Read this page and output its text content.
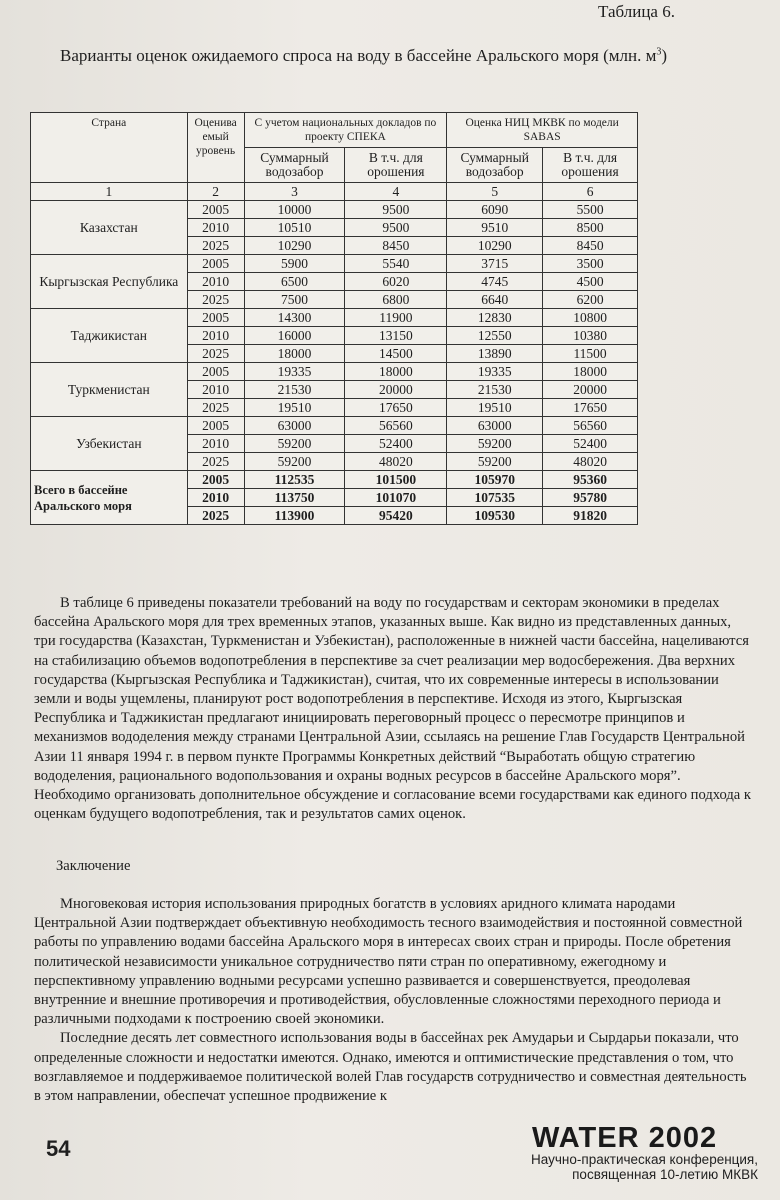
Таблица 6.
Варианты оценок ожидаемого спроса на воду в бассейне Аральского моря (млн. $м^3$)
Страна	Оценива емый уровень	С учетом национальных докладов по проекту СПЕКА		Оценка НИЦ МКВК по модели SABAS	
		Суммарный водозабор	В т.ч. для орошения	Суммарный водозабор	В т.ч. для орошения
1	2	3	4	5	6
Казахстан	2005	10000	9500	6090	5500
	2010	10510	9500	9510	8500
	2025	10290	8450	10290	8450
Кыргызская Республика	2005	5900	5540	3715	3500
	2010	6500	6020	4745	4500
	2025	7500	6800	6640	6200
Таджикистан	2005	14300	11900	12830	10800
	2010	16000	13150	12550	10380
	2025	18000	14500	13890	11500
Туркменистан	2005	19335	18000	19335	18000
	2010	21530	20000	21530	20000
	2025	19510	17650	19510	17650
Узбекистан	2005	63000	56560	63000	56560
	2010	59200	52400	59200	52400
	2025	59200	48020	59200	48020
Всего в бассейне Аральского моря	2005	112535	101500	105970	95360
	2010	113750	101070	107535	95780
	2025	113900	95420	109530	91820

В таблице 6 приведены показатели требований на воду по государствам и секторам экономики в пределах бассейна Аральского моря для трех временных этапов, указанных выше. Как видно из представленных данных, три государства (Казахстан, Туркменистан и Узбекистан), расположенные в нижней части бассейна, нацеливаются на стабилизацию объемов водопотребления в перспективе за счет реализации мер водосбережения. Два верхних государства (Кыргызская Республика и Таджикистан), считая, что их современные интересы в использовании земли и воды ущемлены, планируют рост водопотребления в перспективе. Исходя из этого, Кыргызская Республика и Таджикистан предлагают инициировать переговорный процесс о пересмотре принципов и механизмов вододеления между странами Центральной Азии, ссылаясь на решение Глав Государств Центральной Азии 11 января 1994 г. в первом пункте Программы Конкретных действий “Выработать общую стратегию вододеления, рационального водопользования и охраны водных ресурсов в бассейне Аральского моря”. Необходимо организовать дополнительное обсуждение и согласование всеми государствами как единого подхода к оценкам будущего водопотребления, так и результатов самих оценок.

Заключение

Многовековая история использования природных богатств в условиях аридного климата народами Центральной Азии подтверждает объективную необходимость тесного взаимодействия и постоянной совместной работы по управлению водами бассейна Аральского моря в интересах своих стран и природы. После обретения политической независимости уникальное сотрудничество пяти стран по оперативному, ежегодному и перспективному управлению водными ресурсами успешно развивается и совершенствуется, преодолевая внутренние и внешние противоречия и противодействия, обусловленные сложностями переходного периода и различными подходами к построению своей экономики.

Последние десять лет совместного использования воды в бассейнах рек Амударьи и Сырдарьи показали, что определенные сложности и недостатки имеются. Однако, имеются и оптимистические представления о том, что возглавляемое и поддерживаемое политической волей Глав государств сотрудничество и совместная деятельность в этом направлении, обеспечат успешное продвижение к

54	WATER 2002
Научно-практическая конференция,
посвященная 10-летию МКВК
